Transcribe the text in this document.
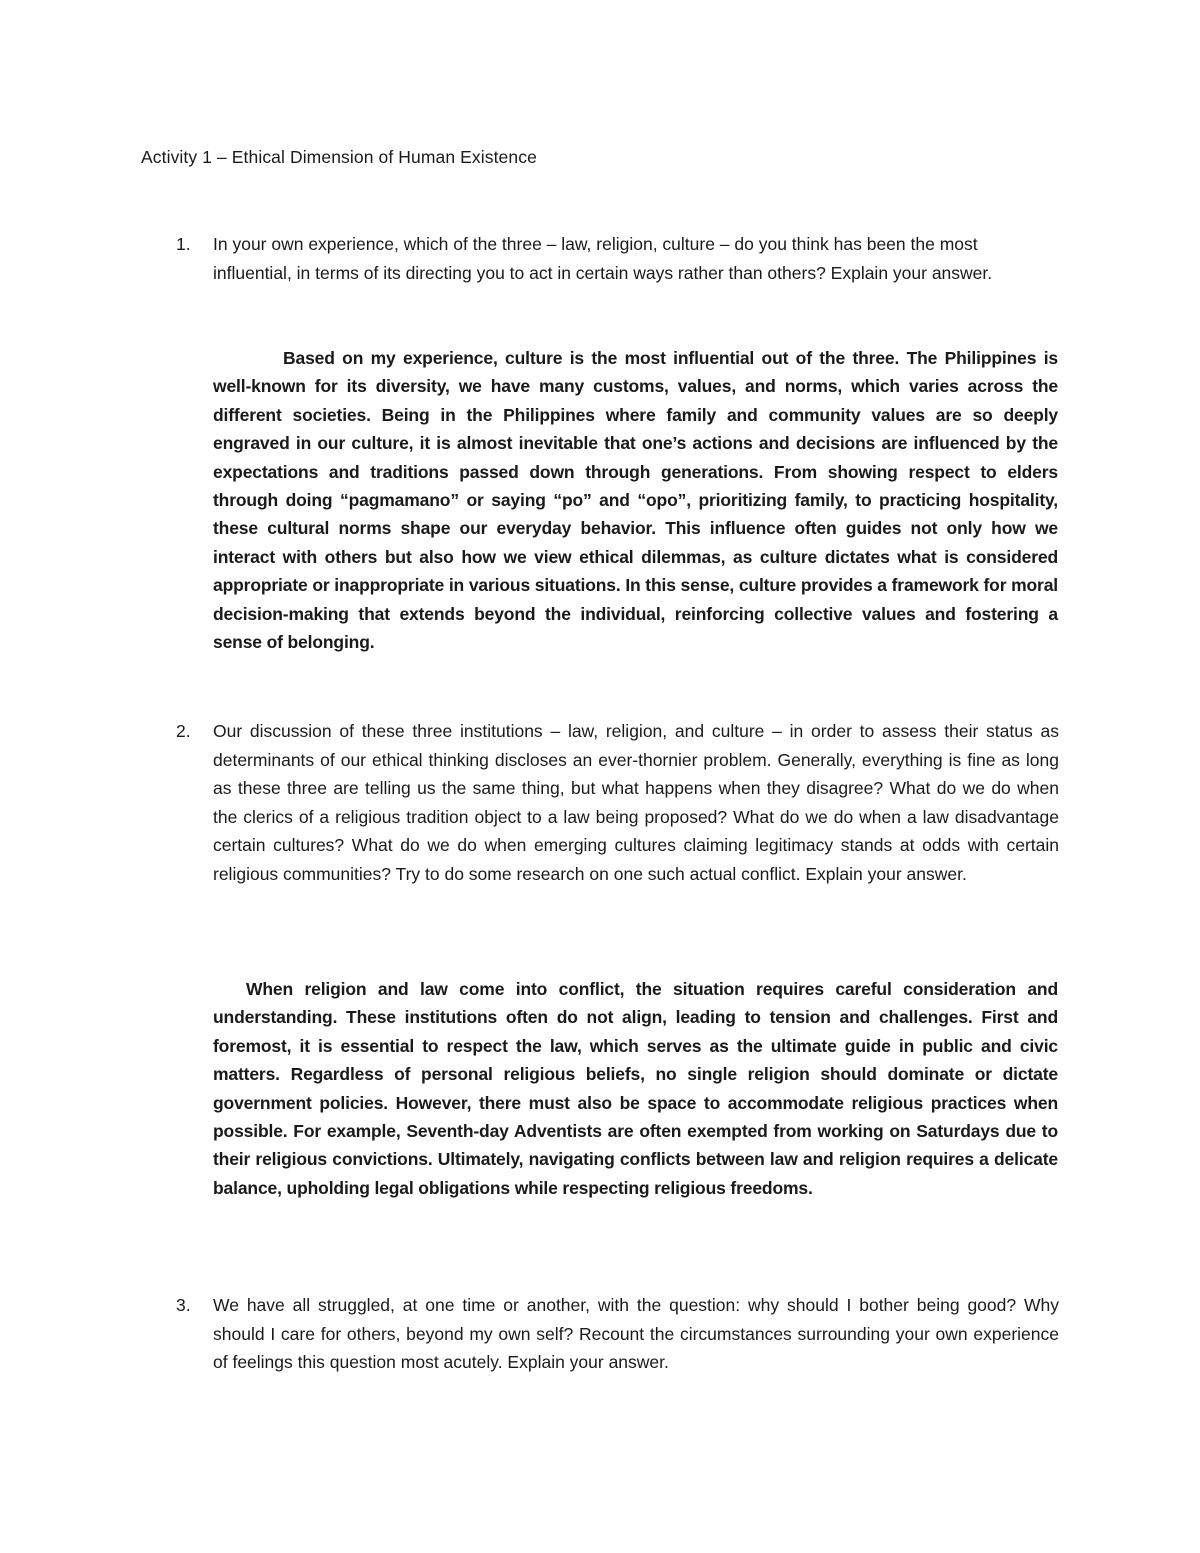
Activity 1 – Ethical Dimension of Human Existence
1.	In your own experience, which of the three – law, religion, culture – do you think has been the most influential, in terms of its directing you to act in certain ways rather than others? Explain your answer.
Based on my experience, culture is the most influential out of the three. The Philippines is well-known for its diversity, we have many customs, values, and norms, which varies across the different societies. Being in the Philippines where family and community values are so deeply engraved in our culture, it is almost inevitable that one’s actions and decisions are influenced by the expectations and traditions passed down through generations. From showing respect to elders through doing “pagmamano” or saying “po” and “opo”, prioritizing family, to practicing hospitality, these cultural norms shape our everyday behavior. This influence often guides not only how we interact with others but also how we view ethical dilemmas, as culture dictates what is considered appropriate or inappropriate in various situations. In this sense, culture provides a framework for moral decision-making that extends beyond the individual, reinforcing collective values and fostering a sense of belonging.
2.	Our discussion of these three institutions – law, religion, and culture – in order to assess their status as determinants of our ethical thinking discloses an ever-thornier problem. Generally, everything is fine as long as these three are telling us the same thing, but what happens when they disagree? What do we do when the clerics of a religious tradition object to a law being proposed? What do we do when a law disadvantage certain cultures? What do we do when emerging cultures claiming legitimacy stands at odds with certain religious communities? Try to do some research on one such actual conflict. Explain your answer.
When religion and law come into conflict, the situation requires careful consideration and understanding. These institutions often do not align, leading to tension and challenges. First and foremost, it is essential to respect the law, which serves as the ultimate guide in public and civic matters. Regardless of personal religious beliefs, no single religion should dominate or dictate government policies. However, there must also be space to accommodate religious practices when possible. For example, Seventh-day Adventists are often exempted from working on Saturdays due to their religious convictions. Ultimately, navigating conflicts between law and religion requires a delicate balance, upholding legal obligations while respecting religious freedoms.
3.	We have all struggled, at one time or another, with the question: why should I bother being good? Why should I care for others, beyond my own self? Recount the circumstances surrounding your own experience of feelings this question most acutely. Explain your answer.
